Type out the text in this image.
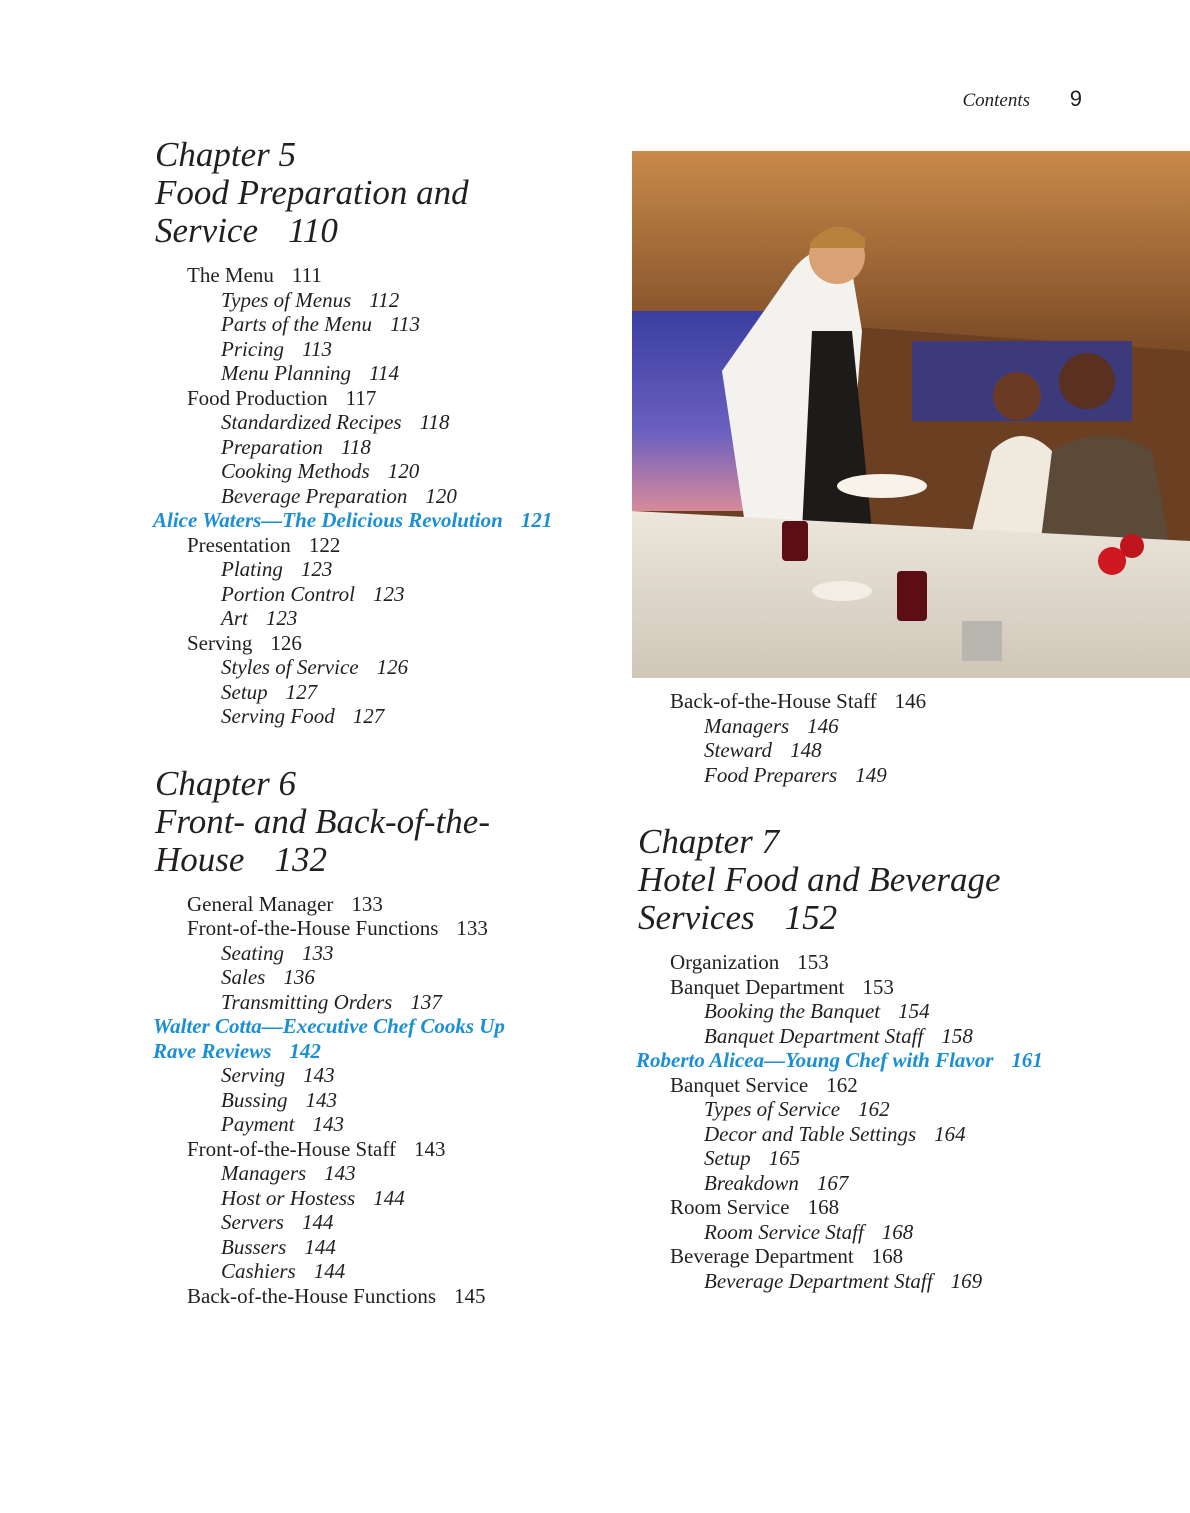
Contents 9
Chapter 5
Food Preparation and
Service 110
The Menu 111
Types of Menus 112
Parts of the Menu 113
Pricing 113
Menu Planning 114
Food Production 117
Standardized Recipes 118
Preparation 118
Cooking Methods 120
Beverage Preparation 120
Alice Waters—The Delicious Revolution 121
Presentation 122
Plating 123
Portion Control 123
Art 123
Serving 126
Styles of Service 126
Setup 127
Serving Food 127
Chapter 6
Front- and Back-of-the-
House 132
General Manager 133
Front-of-the-House Functions 133
Seating 133
Sales 136
Transmitting Orders 137
Walter Cotta—Executive Chef Cooks Up
Rave Reviews 142
Serving 143
Bussing 143
Payment 143
Front-of-the-House Staff 143
Managers 143
Host or Hostess 144
Servers 144
Bussers 144
Cashiers 144
Back-of-the-House Functions 145
Back-of-the-House Staff 146
Managers 146
Steward 148
Food Preparers 149
Chapter 7
Hotel Food and Beverage
Services 152
Organization 153
Banquet Department 153
Booking the Banquet 154
Banquet Department Staff 158
Roberto Alicea—Young Chef with Flavor 161
Banquet Service 162
Types of Service 162
Decor and Table Settings 164
Setup 165
Breakdown 167
Room Service 168
Room Service Staff 168
Beverage Department 168
Beverage Department Staff 169
